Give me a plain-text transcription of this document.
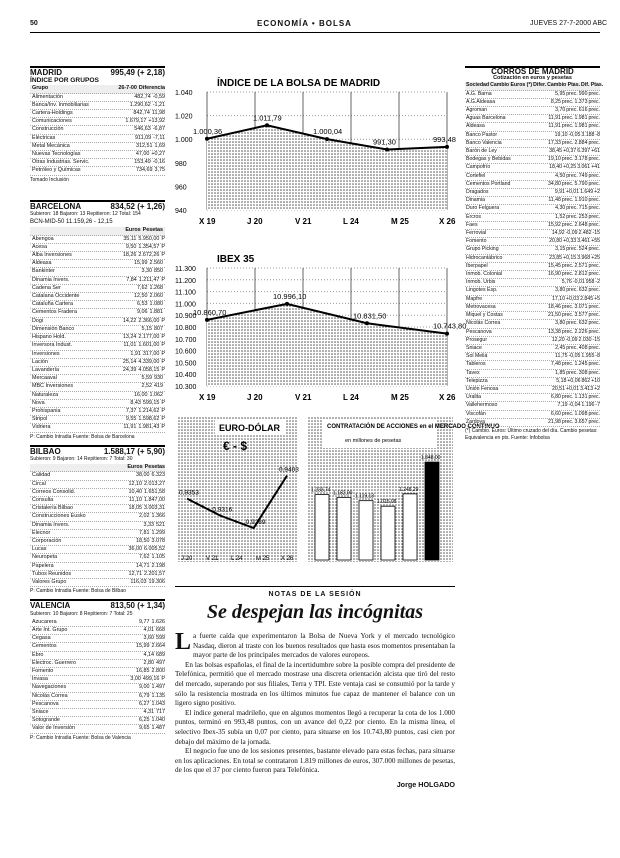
50	ECONOMÍA • BOLSA	JUEVES 27-7-2000 ABC
MADRID	995,49 (+ 2,18)
ÍNDICE POR GRUPOS
Grupo	26-7-00 Diferencia
Alimentación	482,74 -0,59
Banca/Inv. Inmobiliarias	1.290,62 -1,21
Cartera-Holdings	842,74 11,98
Comunicaciones	1.679,17 +13,92
Construcción	546,63 -6,87
Eléctricas	911,09 -7,11
Metal Mecánica	312,51 1,69
Nuevas Tecnologías	47,00 +0,27
Otras Industrias. Servic.	153,49 -0,16
Petróleo y Químicas	734,69 3,75
Tomado Inclusión
BARCELONA	834,52 (+ 1,26)
Subieron: 18 Bajaron: 13 Repitieron: 12 Total: 154
BCN-MID-50 11.159,26 - 12,15
Euros Pesetas
Abengoa	35,11 5.950,00 P
Acesa	9,50 1.354,57 P
Alba Inversiones	18,26 2.672,26 P
Aldeasa	15,99 2.560
Bankinter	3,30 850
Dinamia Invers.	7,84 1.211,47 P
Cadena Ser	7,62 1.268
Catalana Occidente	12,50 2.060
Cataluña Cartera	6,53 1.080
Cementos Fradera	9,06 1.881
Dogi	14,22 2.366,00 P
Dimensión Banco	5,15 807
Hispano Hold.	13,24 2.177,00 P
Inversora Indust.	11,01 1.601,00 P
Inversiones	1,91 317,00 P
Lación	25,14 4.339,00 P
Lavandería	24,39 4.058,15 P
Mercaaval	5,59 930
MBC Inversiones	2,52 419
Naturaleza	16,00 1.062
Nova	8,43 599,15 P
Prohispania	7,37 1.214,62 P
Stripol	9,55 1.598,62 P
Vidriera	11,91 1.981,43 P
P: Cambio Intradia Fuente: Bolsa de Barcelona
BILBAO	1.588,17 (+ 5,90)
Subieron: 9 Bajaron: 14 Repitieron: 7 Total: 30
Euros Pesetas
Calidad	38,00 6.323
Circal	12,10 2.013,27
Correos Consolid.	10,40 1.651,58
Consulta	11,10 1.847,00
Cristalería Bilbao	18,05 3.003,31
Construcciones Eusko	2,02 1.366
Dinamia Invers.	3,33 521
Elecnor	7,81 1.299
Corporación	18,50 3.078
Lucas	36,00 6.005,52
Neuropeta	7,62 1.105
Papelera	14,71 2.198
Tubos Reunidos	12,71 2.201,57
Valores Grupo	116,03 19.306
P: Cambio Intradia Fuente: Bolsa de Bilbao
VALENCIA	813,50 (+ 1,34)
Subieron: 10 Bajaron: 8 Repitieron: 7 Total: 25
Azucarera	9,77 1.626
Arte Int. Grupo	4,01 668
Cegasa	3,60 599
Cementos	15,99 2.664
Ebro	4,14 689
Electroc. Guerrero	2,80 497
Fomento	16,85 2.800
Invasa	3,00 499,16 P
Navegaciones	9,00 1.497
Nicolás Correa	6,79 1.135
Pescanova	6,27 1.043
Sniace	4,31 717
Sotogrande	6,25 1.040
Valor de Inversión	9,65 1.487
P: Cambio Intradia Fuente: Bolsa de Valencia
ÍNDICE DE LA BOLSA DE MADRID
1.040
1.020
1.000
980
960
940
X 19	J 20	V 21	L 24	M 25	X 26
1.000,36
1.011,79
1.000,04
991,30	993,48
IBEX 35
11.300
11.200
11.100
11.000
10.900
10.800
10.700
10.600
10.500
10.400
10.300
X 19	J 20	V 21	L 24	M 25	X 26
10.860,70
10.996,10
10.831,50
10.743,80
EURO-DÓLAR
€ - $
0,9353
0,9316
0,9289
0,9403
J 20 V 21 L 24 M 25 X 26
CONTRATACIÓN DE ACCIONES en el MERCADO CONTINUO
en millones de pesetas
1.233,74 1.182,00
1.119,13
1.015,08
1.248,29
1.848,00
NOTAS DE LA SESIÓN
Se despejan las incógnitas
L a fuerte caída que experimentaron la Bolsa de Nueva York y el mercado tecnológico Nasdaq, dieron al traste con los buenos resultados que hasta esos momentos presentaban la mayor parte de los principales mercados de valores europeos.

En las bolsas españolas, el final de la incertidumbre sobre la posible compra del presidente de Telefónica, permitió que el mercado mostrase una discreta orientación alcista que tiró del resto del mercado, superando por sus filiales, Terra y TPI. Este ventaja casi se consumió por la tarde y sólo la resistencia mostrada en los últimos minutos fue capaz de mantener el balance con un ligero signo positivo.

El índice general madrileño, que en algunos momentos llegó a recuperar la cota de los 1.000 puntos, terminó en 993,48 puntos, con un avance del 0,22 por ciento. En la misma línea, el selectivo Ibex-35 subía un 0,07 por ciento, para situarse en los 10.743,80 puntos, casi cien por debajo del máximo de la jornada.

El negocio fue uno de los sesiones presentes, bastante elevado para estas fechas, para situarse en los aplicaciones. En total se contrataron 1.819 millones de euros, 307.000 millones de pesetas, de los que el 37 por ciento fueron para Telefónica.

Jorge HOLGADO

CORROS DE MADRID
Cotización en euros y pesetas
Sociedad Cambio Euros (*) Difer. Cambio Ptas. Dif. Ptas.
A.G. Barna	5,95 prec. 990 prec.
A.G.Aldeasa	8,25 prec. 1.373 prec.
Agroman	3,70 prec. 616 prec.
Aguas Barcelona	11,91 prec. 1.981 prec.
Aldeasa	11,91 prec. 1.981 prec.
Banco Pastor	19,10 -0,05 3.188 -8
Banco Valencia	17,33 prec. 2.884 prec.
Barón de Ley	38,45 +0,37 6.397 +61
Bodegas y Bebidas	19,10 prec. 3.178 prec.
Campofrío	18,40 +0,25 3.061 +41
Cortefiel	4,50 prec. 749 prec.
Cementos Portland	34,80 prec. 5.790 prec.
Dragados	9,91 +0,01 1.649 +2
Dinamia	11,48 prec. 1.910 prec.
Duro Felguera	4,30 prec. 715 prec.
Ercros	1,52 prec. 253 prec.
Faes	15,92 prec. 2.648 prec.
Ferrovial	14,92 -0,09 2.482 -15
Fomento	20,80 +0,33 3.461 +55
Grupo Picking	3,15 prec. 524 prec.
Hidrocantábrico	23,85 +0,15 3.968 +25
Iberpapel	15,45 prec. 2.571 prec.
Inmob. Colonial	16,90 prec. 2.812 prec.
Inmob. Urbis	5,76 -0,01 958 -2
Lingotes Esp.	3,80 prec. 632 prec.
Mapfre	17,10 +0,03 2.845 +5
Metrovacesa	18,46 prec. 3.071 prec.
Miquel y Costas	21,50 prec. 3.577 prec.
Nicolás Correa	3,80 prec. 632 prec.
Pescanova	13,38 prec. 2.226 prec.
Prosegur	12,20 -0,09 2.030 -15
Sniace	2,45 prec. 408 prec.
Sol Meliá	11,75 -0,05 1.955 -8
Tableros	7,48 prec. 1.245 prec.
Tavex	1,85 prec. 308 prec.
Telepizza	5,18 +0,06 862 +10
Unión Fenosa	20,51 +0,01 3.413 +2
Uralita	6,80 prec. 1.131 prec.
Vallehermoso	7,19 -0,04 1.196 -7
Viscofán	6,60 prec. 1.098 prec.
Zardoya	21,98 prec. 3.657 prec.
(*) Cambio. Euros: Último cruzado del día. Cambio pesetas: Equivalencia en pts. Fuente: Infobolsa
